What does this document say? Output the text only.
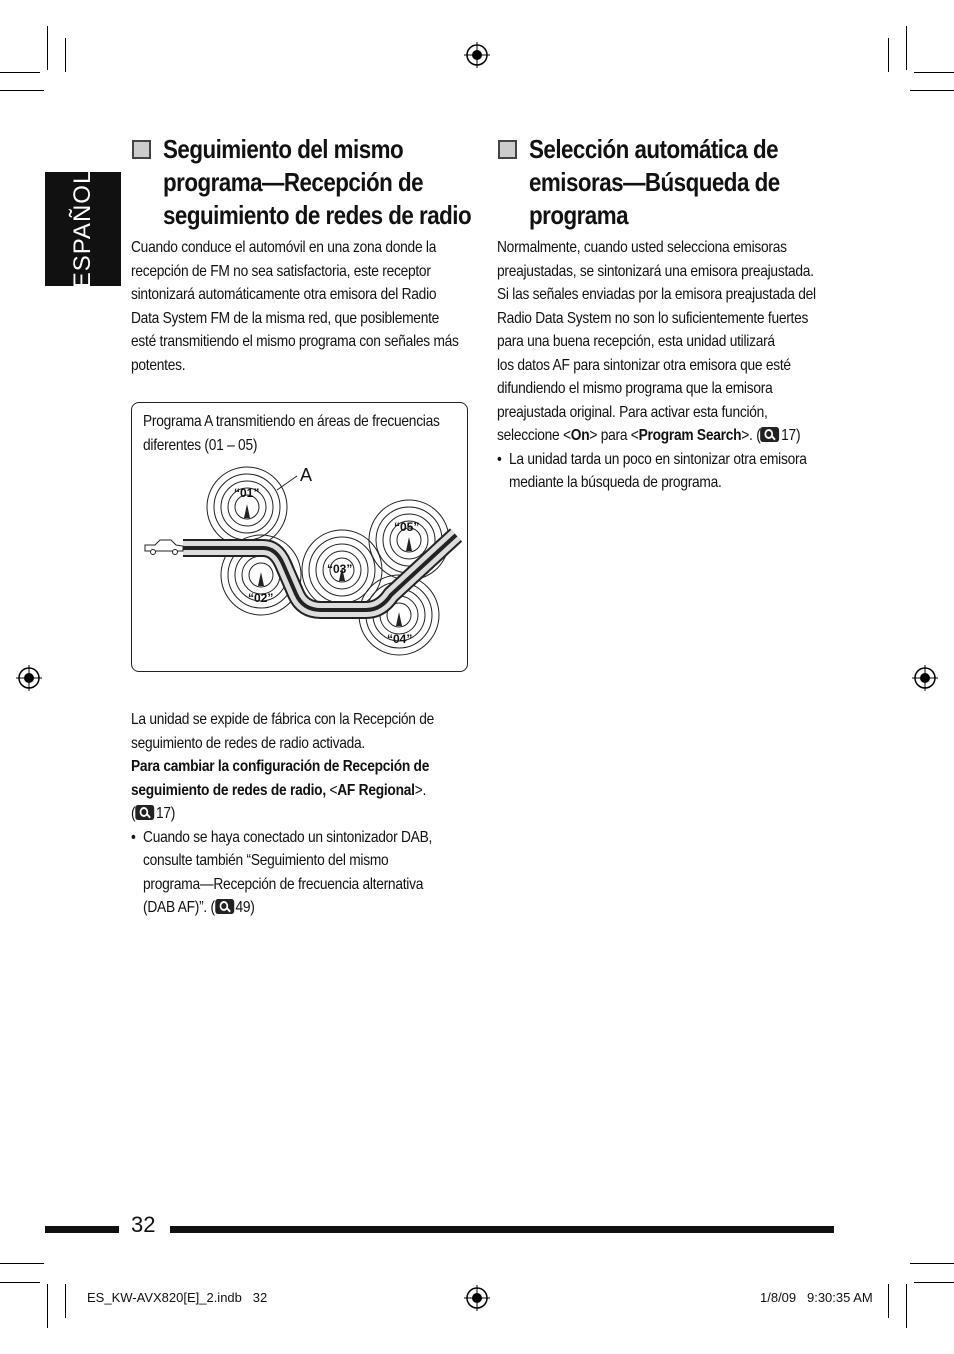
ESPAÑOL
Seguimiento del mismo
programa—Recepción de
seguimiento de redes de radio

Cuando conduce el automóvil en una zona donde la

recepción de FM no sea satisfactoria, este receptor

sintonizará automáticamente otra emisora del Radio

Data System FM de la misma red, que posiblemente

esté transmitiendo el mismo programa con señales más

potentes.

Programa A transmitiendo en áreas de frecuencias
diferentes (01 – 05)
A
“01”
“02”
“03”
“04”
“05”

La unidad se expide de fábrica con la Recepción de

seguimiento de redes de radio activada.

Para cambiar la configuración de Recepción de

seguimiento de redes de radio, <AF Regional>.

( 17)

• Cuando se haya conectado un sintonizador DAB,
consulte también “Seguimiento del mismo
programa—Recepción de frecuencia alternativa
(DAB AF)”. ( 49)
Selección automática de
emisoras—Búsqueda de
programa

Normalmente, cuando usted selecciona emisoras

preajustadas, se sintonizará una emisora preajustada.

Si las señales enviadas por la emisora preajustada del

Radio Data System no son lo suficientemente fuertes

para una buena recepción, esta unidad utilizará

los datos AF para sintonizar otra emisora que esté

difundiendo el mismo programa que la emisora

preajustada original. Para activar esta función,

seleccione <On> para <Program Search>. ( 17)

• La unidad tarda un poco en sintonizar otra emisora
mediante la búsqueda de programa.
32
ES_KW-AVX820[E]_2.indb   32	1/8/09   9:30:35 AM
